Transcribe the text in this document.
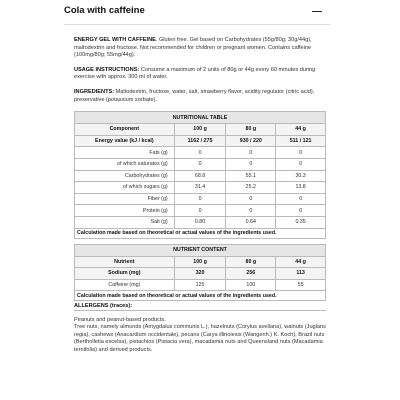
Cola with caffeine

ENERGY GEL WITH CAFFEINE. Gluten free. Gel based on Carbohydrates (55g/80g; 30g/44g), maltodextrin and fructose. Not recommended for children or pregnant women. Contains caffeine (100mg/80g; 55mg/44g).

USAGE INSTRUCTIONS: Consume a maximum of 2 units of 80g or 44g every 60 minutes during exercise with approx. 300 ml of water.

INGREDIENTS: Maltodextrin, fructose, water, salt, strawberry flavor, acidity regulator (citric acid), preservative (potassium sorbate).

NUTRITIONAL TABLE			
Component	100 g	80 g	44 g
Energy value (kJ / kcal)	1162 / 275	930 / 220	511 / 121
Fats (g)	0	0	0
of which saturates (g)	0	0	0
Carbohydrates (g)	68.8	55.1	30.3
of which sugars (g)	31.4	25.2	13.8
Fiber (g)	0	0	0
Protein (g)	0	0	0
Salt (g)	0.80	0.64	0.35
Calculation made based on theoretical or actual values of the ingredients used.			

NUTRIENT CONTENT			
Nutrient	100 g	80 g	44 g
Sodium (mg)	320	256	113
Caffeine (mg)	125	100	55
Calculation made based on theoretical or actual values of the ingredients used.			
ALLERGENS (traces):

Peanuts and peanut-based products.

Tree nuts, namely almonds (Amygdalus communis L.), hazelnuts (Corylus avellana), walnuts (Juglans regia), cashews (Anacardium occidentale), pecans (Carya illinoiesis (Wangenh.) K. Koch), Brazil nuts (Bertholletia excelsa), pistachios (Pistacia vera), macadamia nuts and Queensland nuts (Macadamia ternifolia) and derived products.
